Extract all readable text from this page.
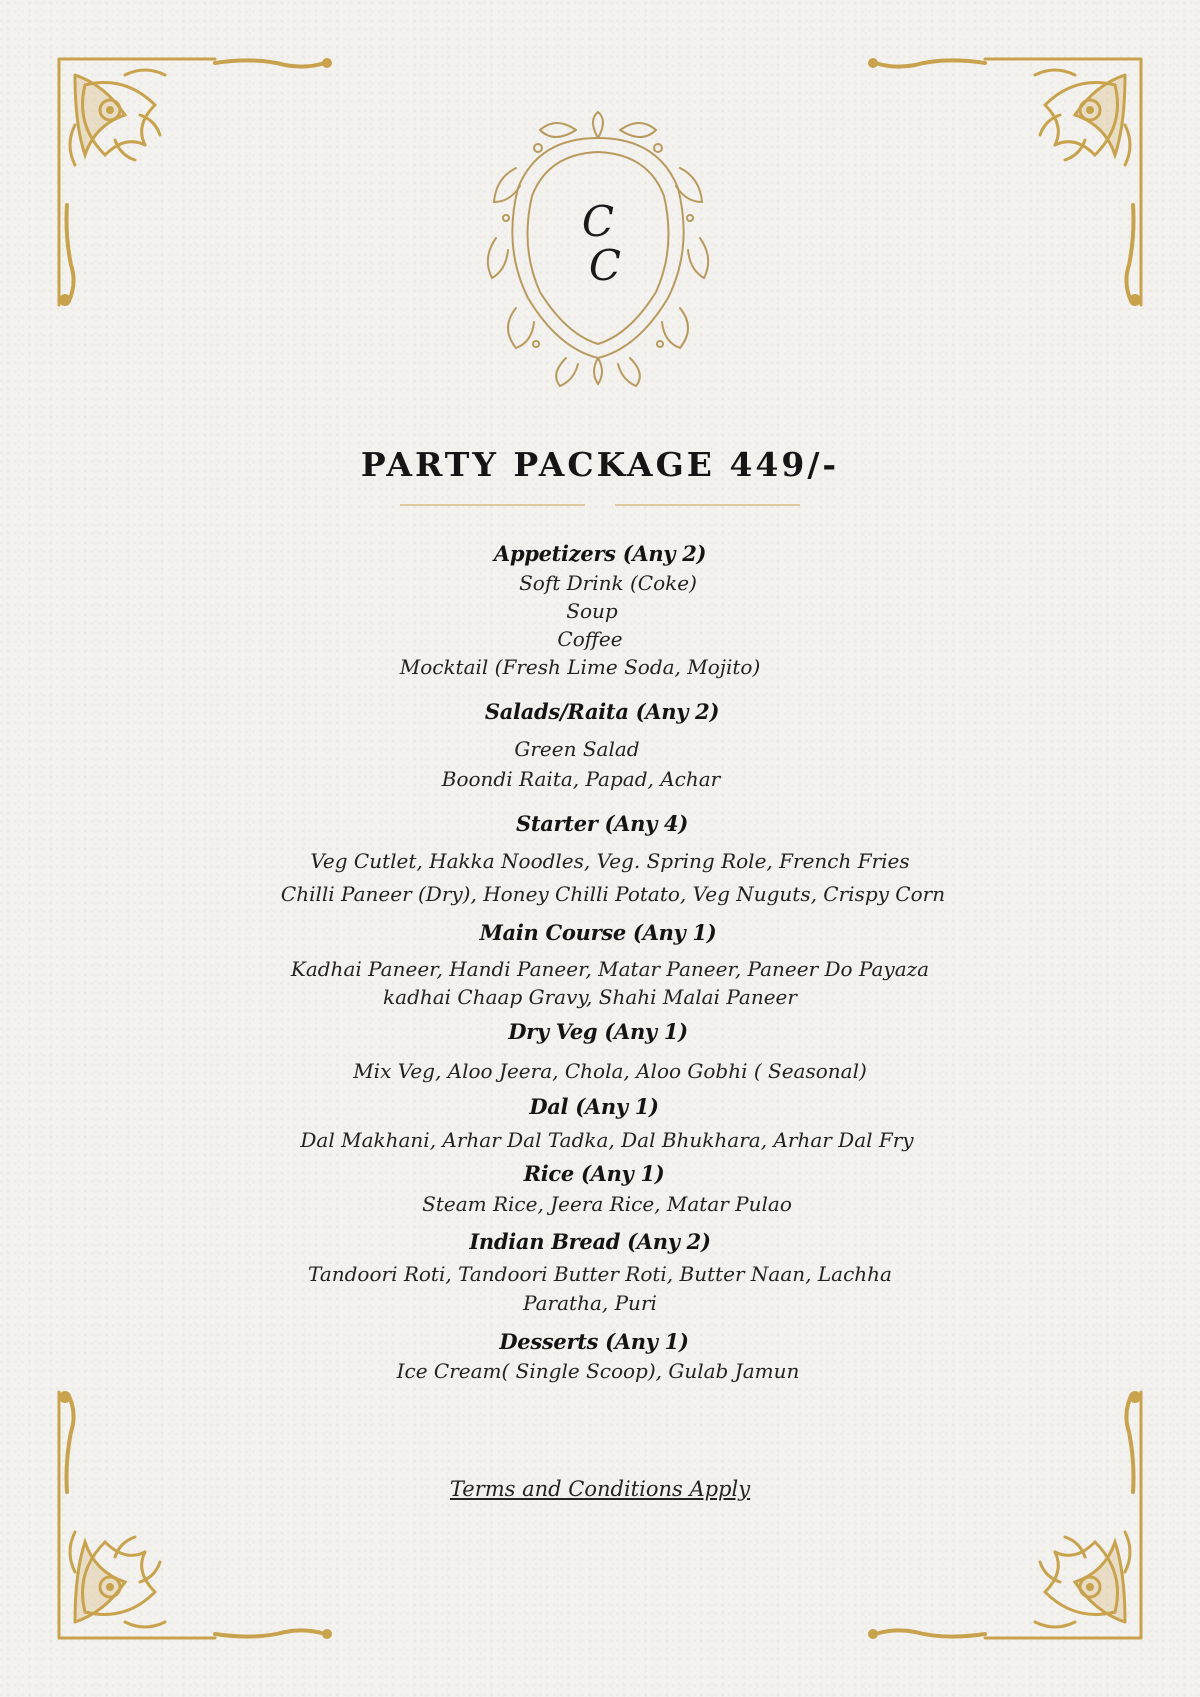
C
C
PARTY PACKAGE 449/-
Appetizers (Any 2)
Soft Drink (Coke)
Soup
Coffee
Mocktail (Fresh Lime Soda, Mojito)
Salads/Raita (Any 2)
Green Salad
Boondi Raita, Papad, Achar
Starter (Any 4)
Veg Cutlet, Hakka Noodles, Veg. Spring Role, French Fries
Chilli Paneer (Dry), Honey Chilli Potato, Veg Nuguts, Crispy Corn
Main Course (Any 1)
Kadhai Paneer, Handi Paneer, Matar Paneer, Paneer Do Payaza
kadhai Chaap Gravy, Shahi Malai Paneer
Dry Veg (Any 1)
Mix Veg, Aloo Jeera, Chola, Aloo Gobhi ( Seasonal)
Dal (Any 1)
Dal Makhani, Arhar Dal Tadka, Dal Bhukhara, Arhar Dal Fry
Rice (Any 1)
Steam Rice, Jeera Rice, Matar Pulao
Indian Bread (Any 2)
Tandoori Roti, Tandoori Butter Roti, Butter Naan, Lachha
Paratha, Puri
Desserts (Any 1)
Ice Cream( Single Scoop), Gulab Jamun
Terms and Conditions Apply
